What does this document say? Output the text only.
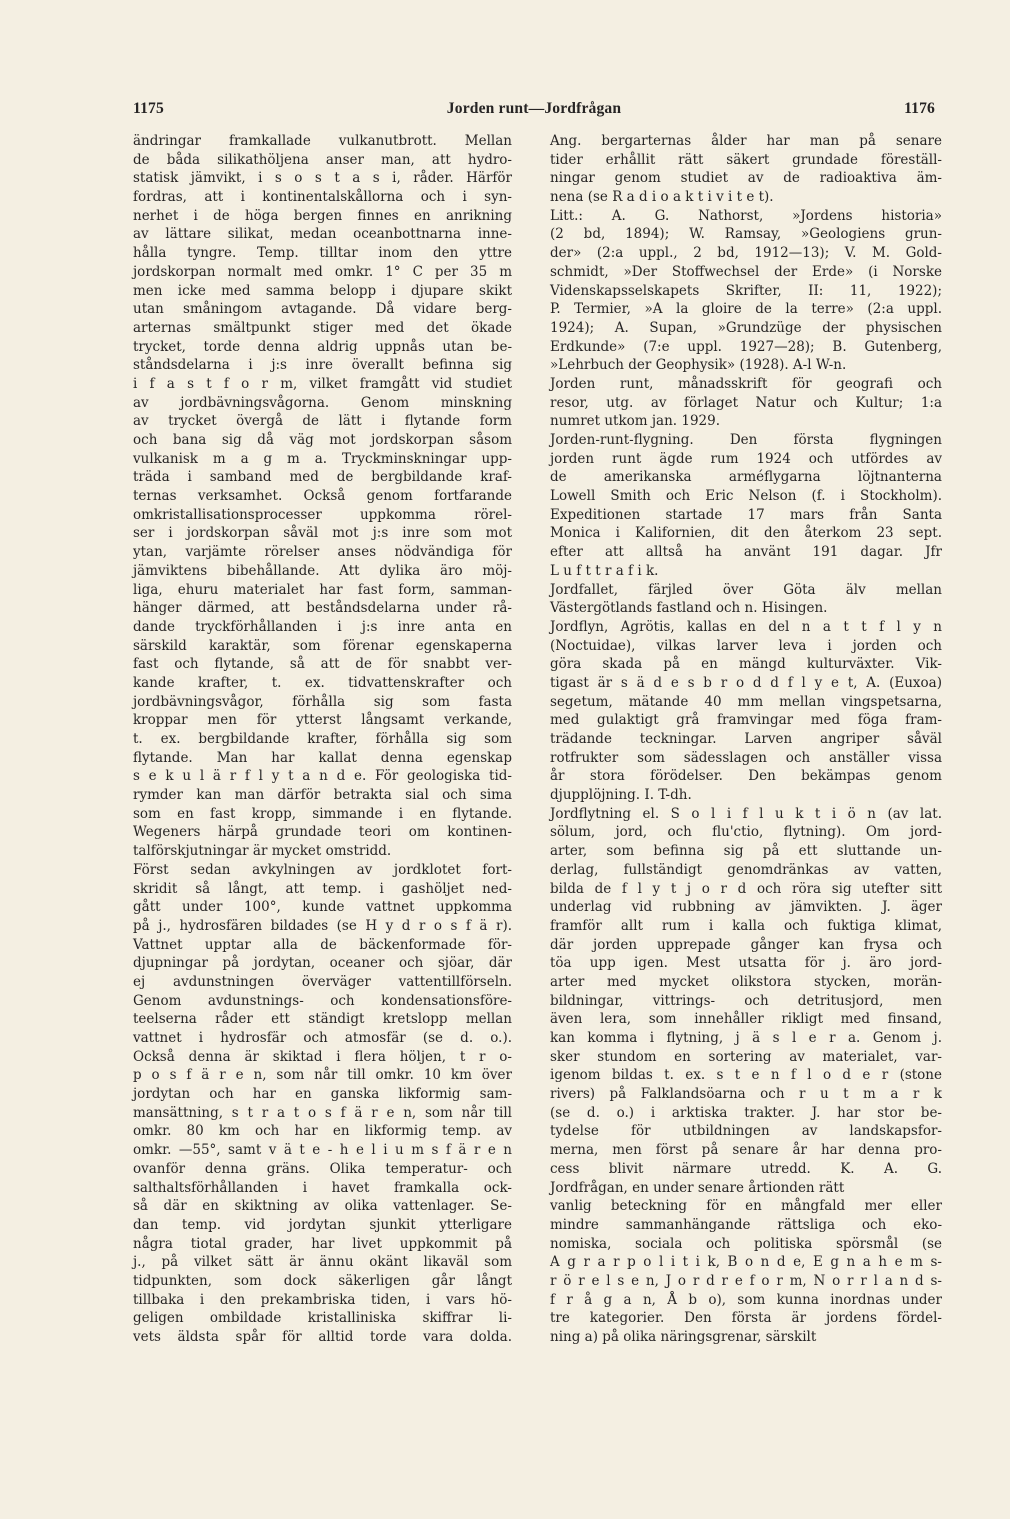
1175	Jorden runt—Jordfrågan	1176
ändringar framkallade vulkanutbrott. Mellan
de båda silikathöljena anser man, att hydro-
statisk jämvikt, i s o s t a s i, råder. Härför
fordras, att i kontinentalskållorna och i syn-
nerhet i de höga bergen finnes en anrikning
av lättare silikat, medan oceanbottnarna inne-
hålla tyngre. Temp. tilltar inom den yttre
jordskorpan normalt med omkr. 1° C per 35 m
men icke med samma belopp i djupare skikt
utan småningom avtagande. Då vidare berg-
arternas smältpunkt stiger med det ökade
trycket, torde denna aldrig uppnås utan be-
ståndsdelarna i j:s inre överallt befinna sig
i f a s t f o r m, vilket framgått vid studiet
av jordbävningsvågorna. Genom minskning
av trycket övergå de lätt i flytande form
och bana sig då väg mot jordskorpan såsom
vulkanisk m a g m a. Tryckminskningar upp-
träda i samband med de bergbildande kraf-
ternas verksamhet. Också genom fortfarande
omkristallisationsprocesser uppkomma rörel-
ser i jordskorpan såväl mot j:s inre som mot
ytan, varjämte rörelser anses nödvändiga för
jämviktens bibehållande. Att dylika äro möj-
liga, ehuru materialet har fast form, samman-
hänger därmed, att beståndsdelarna under rå-
dande tryckförhållanden i j:s inre anta en
särskild karaktär, som förenar egenskaperna
fast och flytande, så att de för snabbt ver-
kande krafter, t. ex. tidvattenskrafter och
jordbävningsvågor, förhålla sig som fasta
kroppar men för ytterst långsamt verkande,
t. ex. bergbildande krafter, förhålla sig som
flytande. Man har kallat denna egenskap
s e k u l ä r f l y t a n d e. För geologiska tid-
rymder kan man därför betrakta sial och sima
som en fast kropp, simmande i en flytande.
Wegeners härpå grundade teori om kontinen-
talförskjutningar är mycket omstridd.
Först sedan avkylningen av jordklotet fort-
skridit så långt, att temp. i gashöljet ned-
gått under 100°, kunde vattnet uppkomma
på j., hydrosfären bildades (se H y d r o s f ä r).
Vattnet upptar alla de bäckenformade för-
djupningar på jordytan, oceaner och sjöar, där
ej avdunstningen överväger vattentillförseln.
Genom avdunstnings- och kondensationsföre-
teelserna råder ett ständigt kretslopp mellan
vattnet i hydrosfär och atmosfär (se d. o.).
Också denna är skiktad i flera höljen, t r o-
p o s f ä r e n, som når till omkr. 10 km över
jordytan och har en ganska likformig sam-
mansättning, s t r a t o s f ä r e n, som når till
omkr. 80 km och har en likformig temp. av
omkr. —55°, samt v ä t e - h e l i u m s f ä r e n
ovanför denna gräns. Olika temperatur- och
salthaltsförhållanden i havet framkalla ock-
så där en skiktning av olika vattenlager. Se-
dan temp. vid jordytan sjunkit ytterligare
några tiotal grader, har livet uppkommit på
j., på vilket sätt är ännu okänt likaväl som
tidpunkten, som dock säkerligen går långt
tillbaka i den prekambriska tiden, i vars hö-
geligen ombildade kristalliniska skiffrar li-
vets äldsta spår för alltid torde vara dolda.
Ang. bergarternas ålder har man på senare
tider erhållit rätt säkert grundade föreställ-
ningar genom studiet av de radioaktiva äm-
nena (se R a d i o a k t i v i t e t).
Litt.: A. G. Nathorst, »Jordens historia»
(2 bd, 1894); W. Ramsay, »Geologiens grun-
der» (2:a uppl., 2 bd, 1912—13); V. M. Gold-
schmidt, »Der Stoffwechsel der Erde» (i Norske
Videnskapsselskapets Skrifter, II: 11, 1922);
P. Termier, »A la gloire de la terre» (2:a uppl.
1924); A. Supan, »Grundzüge der physischen
Erdkunde» (7:e uppl. 1927—28); B. Gutenberg,
»Lehrbuch der Geophysik» (1928). A-l W-n.
Jorden runt, månadsskrift för geografi och
resor, utg. av förlaget Natur och Kultur; 1:a
numret utkom jan. 1929.
Jorden-runt-flygning. Den första flygningen
jorden runt ägde rum 1924 och utfördes av
de amerikanska arméflygarna löjtnanterna
Lowell Smith och Eric Nelson (f. i Stockholm).
Expeditionen startade 17 mars från Santa
Monica i Kalifornien, dit den återkom 23 sept.
efter att alltså ha använt 191 dagar. Jfr
L u f t t r a f i k.
Jordfallet, färjled över Göta älv mellan
Västergötlands fastland och n. Hisingen.
Jordflyn, Agrötis, kallas en del n a t t f l y n
(Noctuidae), vilkas larver leva i jorden och
göra skada på en mängd kulturväxter. Vik-
tigast är s ä d e s b r o d d f l y e t, A. (Euxoa)
segetum, mätande 40 mm mellan vingspetsarna,
med gulaktigt grå framvingar med föga fram-
trädande teckningar. Larven angriper såväl
rotfrukter som sädesslagen och anställer vissa
år stora förödelser. Den bekämpas genom
djupplöjning. I. T-dh.
Jordflytning el. S o l i f l u k t i ö n (av lat.
sölum, jord, och flu'ctio, flytning). Om jord-
arter, som befinna sig på ett sluttande un-
derlag, fullständigt genomdränkas av vatten,
bilda de f l y t j o r d och röra sig utefter sitt
underlag vid rubbning av jämvikten. J. äger
framför allt rum i kalla och fuktiga klimat,
där jorden upprepade gånger kan frysa och
töa upp igen. Mest utsatta för j. äro jord-
arter med mycket olikstora stycken, morän-
bildningar, vittrings- och detritusjord, men
även lera, som innehåller rikligt med finsand,
kan komma i flytning, j ä s l e r a. Genom j.
sker stundom en sortering av materialet, var-
igenom bildas t. ex. s t e n f l o d e r (stone
rivers) på Falklandsöarna och r u t m a r k
(se d. o.) i arktiska trakter. J. har stor be-
tydelse för utbildningen av landskapsfor-
merna, men först på senare år har denna pro-
cess blivit närmare utredd. K. A. G.
Jordfrågan, en under senare årtionden rätt
vanlig beteckning för en mångfald mer eller
mindre sammanhängande rättsliga och eko-
nomiska, sociala och politiska spörsmål (se
A g r a r p o l i t i k, B o n d e, E g n a h e m s-
r ö r e l s e n, J o r d r e f o r m, N o r r l a n d s-
f r å g a n, Å b o), som kunna inordnas under
tre kategorier. Den första är jordens fördel-
ning a) på olika näringsgrenar, särskilt
